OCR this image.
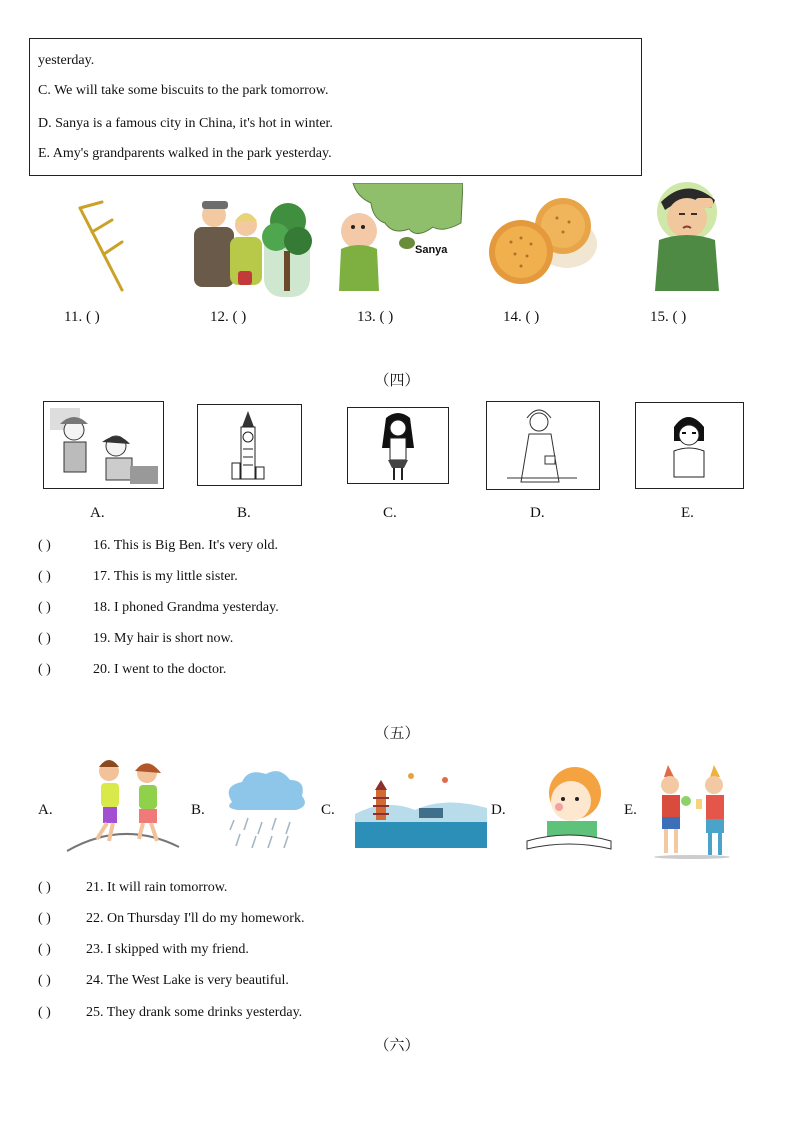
yesterday.
C. We will take some biscuits to the park tomorrow.
D. Sanya is a famous city in China, it's hot in winter.
E. Amy's grandparents walked in the park yesterday.
Sanya
11. ( )	12. ( )	13. ( )	14. ( )	15. ( )
（四）
A.	B.	C.	D.	E.
( )	16. This is Big Ben. It's very old.
( )	17. This is my little sister.
( )	18. I phoned Grandma yesterday.
( )	19. My hair is short now.
( )	20. I went to the doctor.
（五）
A.	B.	C.	D.	E.
( )	21. It will rain tomorrow.
( )	22. On Thursday I'll do my homework.
( )	23. I skipped with my friend.
( )	24. The West Lake is very beautiful.
( )	25. They drank some drinks yesterday.
（六）
